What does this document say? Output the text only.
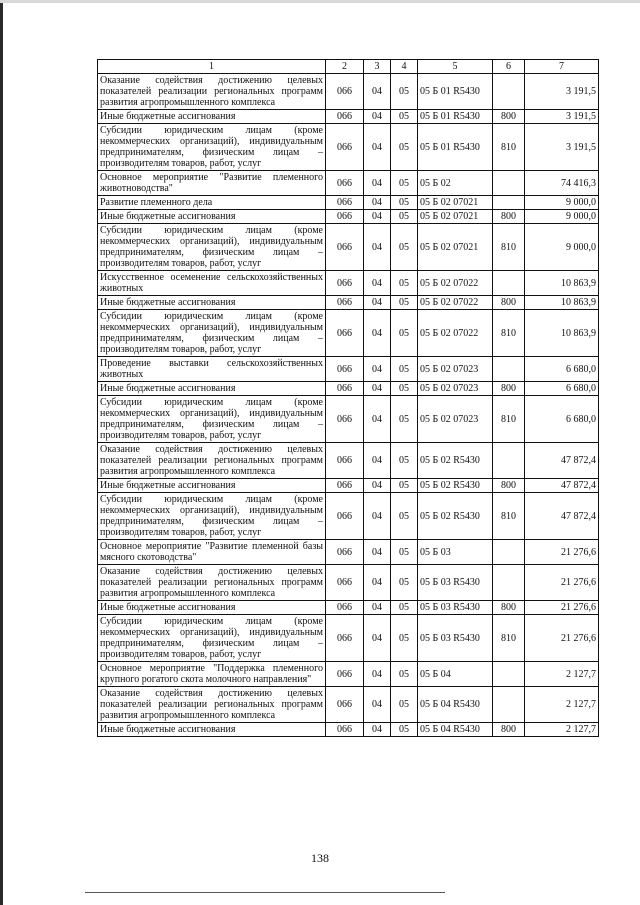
1	2	3	4	5	6	7
Оказание содействия достижению целевых показателей реализации региональных программ развития агропромышленного комплекса	066	04	05	05 Б 01 R5430		3 191,5
Иные бюджетные ассигнования	066	04	05	05 Б 01 R5430	800	3 191,5
Субсидии юридическим лицам (кроме некоммерческих организаций), индивидуальным предпринимателям, физическим лицам – производителям товаров, работ, услуг	066	04	05	05 Б 01 R5430	810	3 191,5
Основное мероприятие "Развитие племенного животноводства"	066	04	05	05 Б 02		74 416,3
Развитие племенного дела	066	04	05	05 Б 02 07021		9 000,0
Иные бюджетные ассигнования	066	04	05	05 Б 02 07021	800	9 000,0
Субсидии юридическим лицам (кроме некоммерческих организаций), индивидуальным предпринимателям, физическим лицам – производителям товаров, работ, услуг	066	04	05	05 Б 02 07021	810	9 000,0
Искусственное осеменение сельскохозяйственных животных	066	04	05	05 Б 02 07022		10 863,9
Иные бюджетные ассигнования	066	04	05	05 Б 02 07022	800	10 863,9
Субсидии юридическим лицам (кроме некоммерческих организаций), индивидуальным предпринимателям, физическим лицам – производителям товаров, работ, услуг	066	04	05	05 Б 02 07022	810	10 863,9
Проведение выставки сельскохозяйственных животных	066	04	05	05 Б 02 07023		6 680,0
Иные бюджетные ассигнования	066	04	05	05 Б 02 07023	800	6 680,0
Субсидии юридическим лицам (кроме некоммерческих организаций), индивидуальным предпринимателям, физическим лицам – производителям товаров, работ, услуг	066	04	05	05 Б 02 07023	810	6 680,0
Оказание содействия достижению целевых показателей реализации региональных программ развития агропромышленного комплекса	066	04	05	05 Б 02 R5430		47 872,4
Иные бюджетные ассигнования	066	04	05	05 Б 02 R5430	800	47 872,4
Субсидии юридическим лицам (кроме некоммерческих организаций), индивидуальным предпринимателям, физическим лицам – производителям товаров, работ, услуг	066	04	05	05 Б 02 R5430	810	47 872,4
Основное мероприятие "Развитие племенной базы мясного скотоводства"	066	04	05	05 Б 03		21 276,6
Оказание содействия достижению целевых показателей реализации региональных программ развития агропромышленного комплекса	066	04	05	05 Б 03 R5430		21 276,6
Иные бюджетные ассигнования	066	04	05	05 Б 03 R5430	800	21 276,6
Субсидии юридическим лицам (кроме некоммерческих организаций), индивидуальным предпринимателям, физическим лицам – производителям товаров, работ, услуг	066	04	05	05 Б 03 R5430	810	21 276,6
Основное мероприятие "Поддержка племенного крупного рогатого скота молочного направления"	066	04	05	05 Б 04		2 127,7
Оказание содействия достижению целевых показателей реализации региональных программ развития агропромышленного комплекса	066	04	05	05 Б 04 R5430		2 127,7
Иные бюджетные ассигнования	066	04	05	05 Б 04 R5430	800	2 127,7
138
